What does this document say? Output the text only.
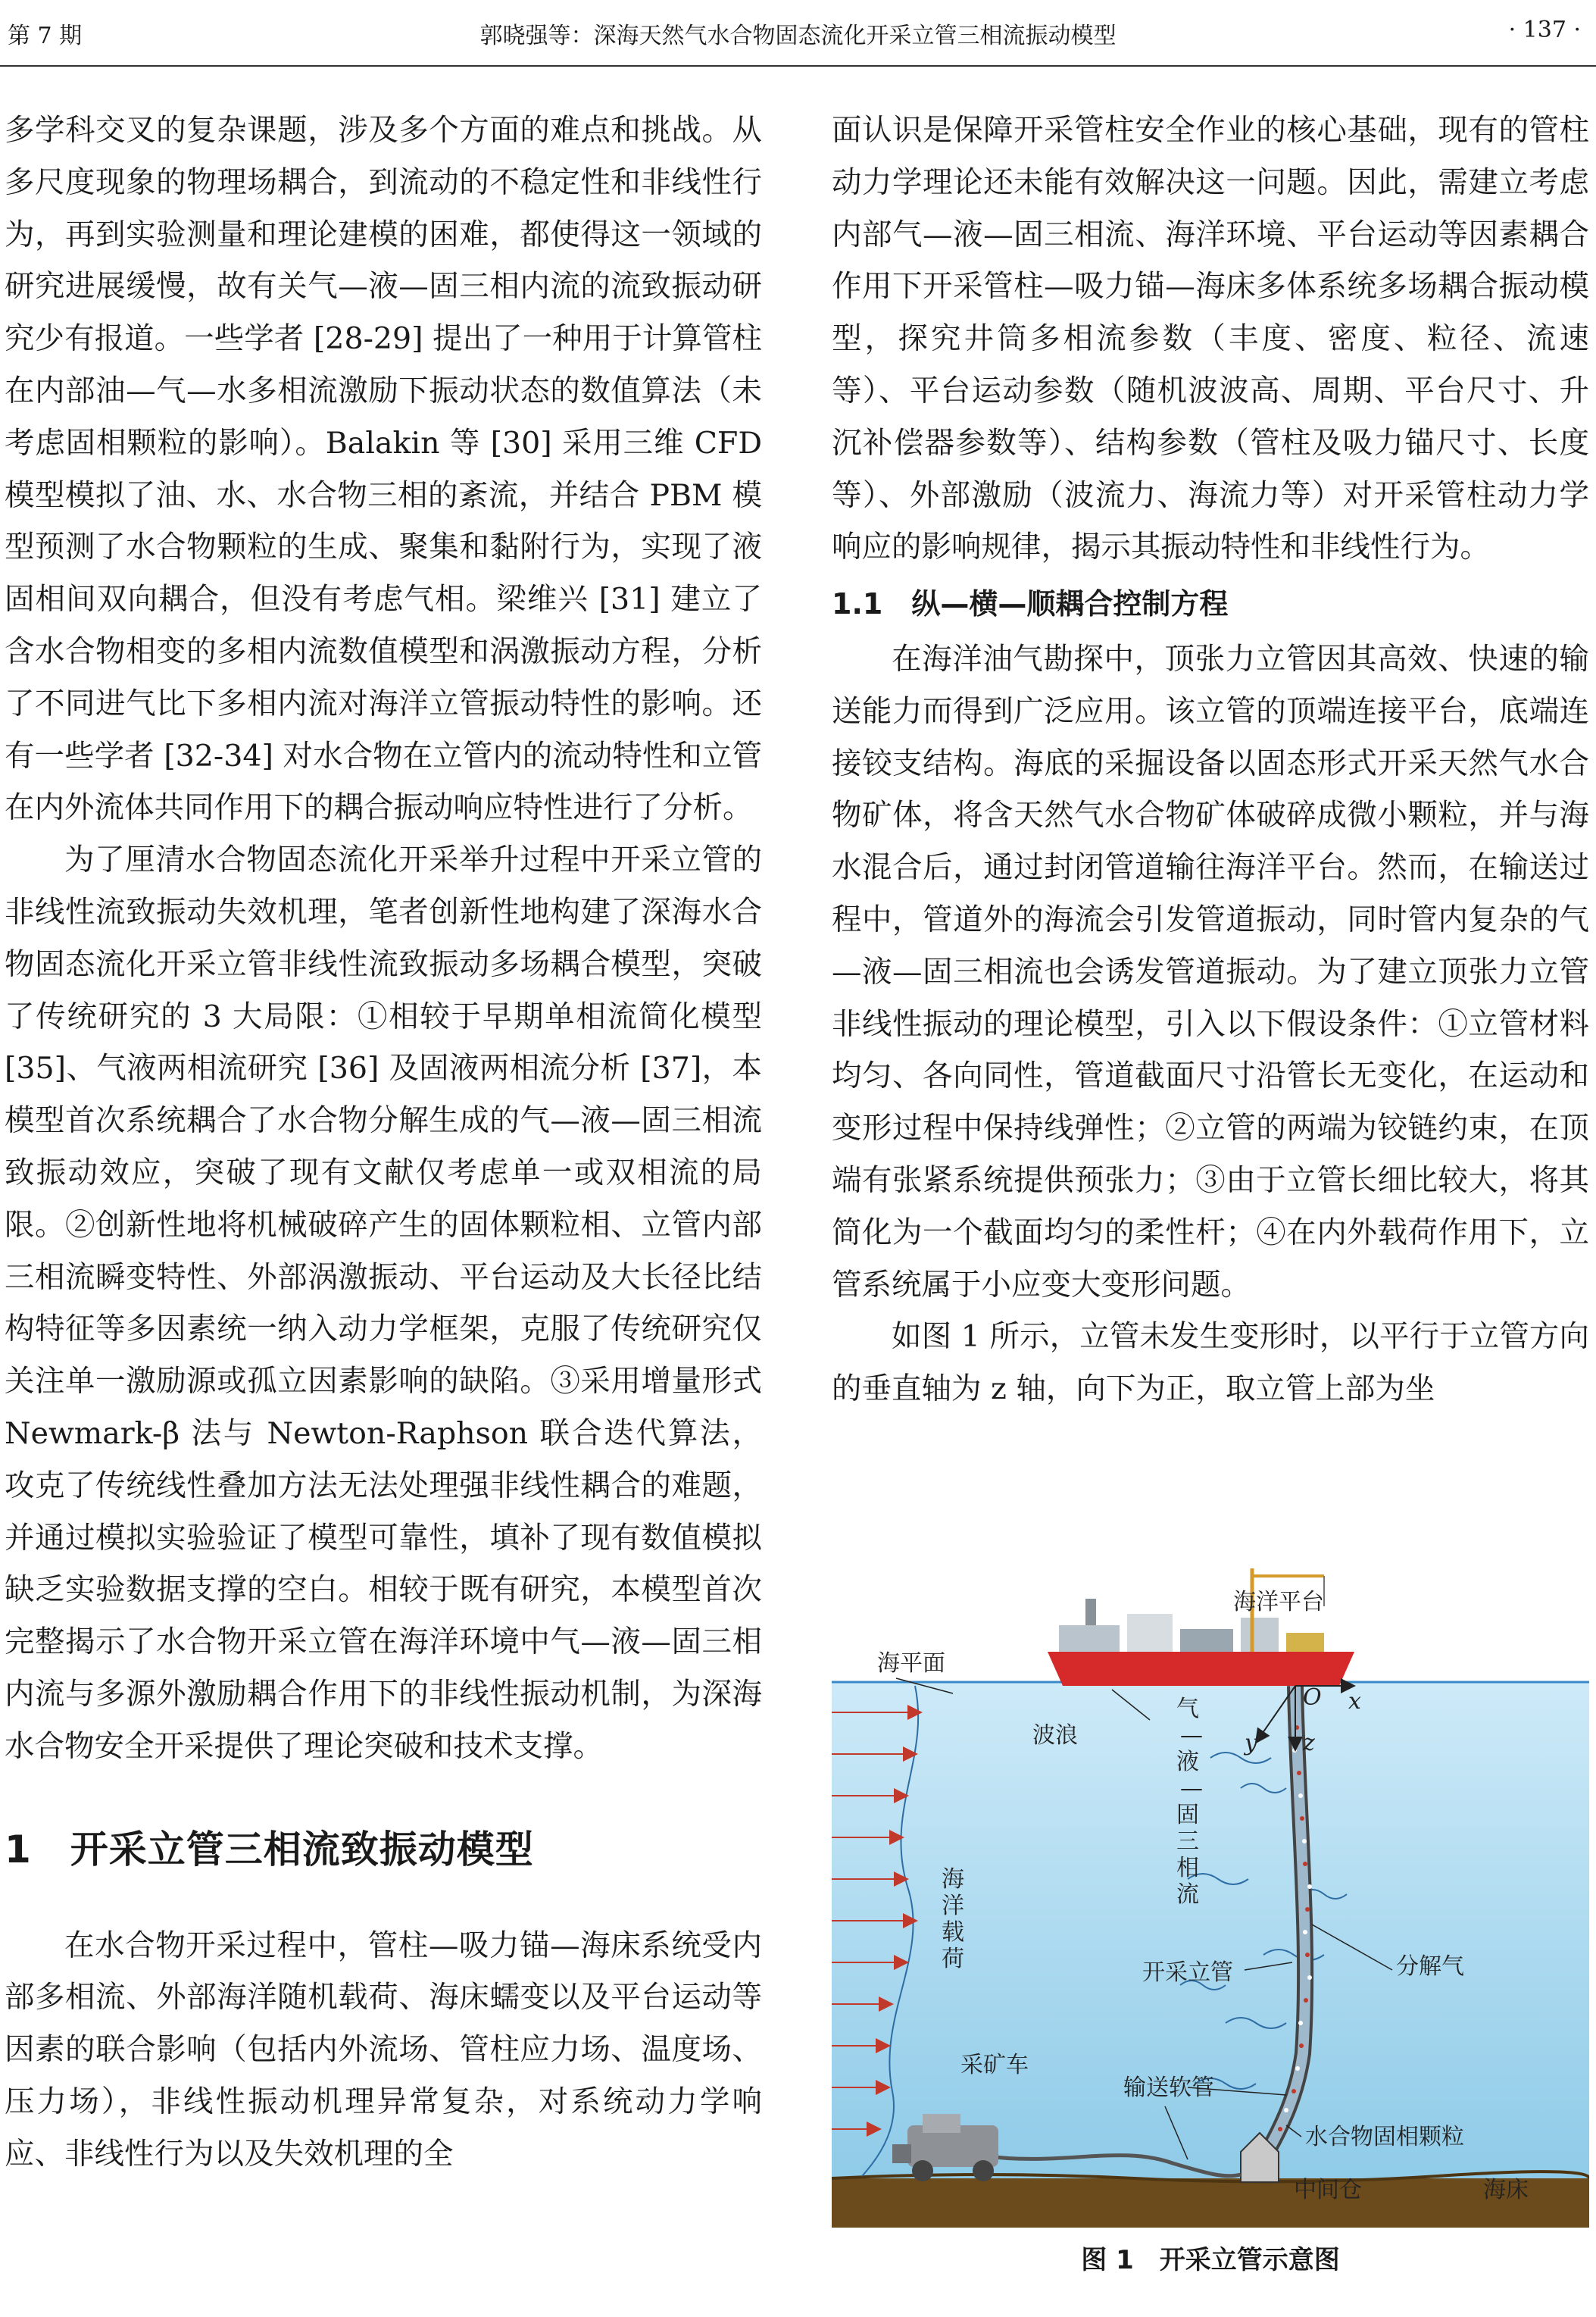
第 7 期	郭晓强等：深海天然气水合物固态流化开采立管三相流振动模型	· 137 ·

多学科交叉的复杂课题，涉及多个方面的难点和挑战。从多尺度现象的物理场耦合，到流动的不稳定性和非线性行为，再到实验测量和理论建模的困难，都使得这一领域的研究进展缓慢，故有关气—液—固三相内流的流致振动研究少有报道。一些学者 [28-29] 提出了一种用于计算管柱在内部油—气—水多相流激励下振动状态的数值算法（未考虑固相颗粒的影响）。Balakin 等 [30] 采用三维 CFD 模型模拟了油、水、水合物三相的紊流，并结合 PBM 模型预测了水合物颗粒的生成、聚集和黏附行为，实现了液固相间双向耦合，但没有考虑气相。梁维兴 [31] 建立了含水合物相变的多相内流数值模型和涡激振动方程，分析了不同进气比下多相内流对海洋立管振动特性的影响。还有一些学者 [32-34] 对水合物在立管内的流动特性和立管在内外流体共同作用下的耦合振动响应特性进行了分析。

为了厘清水合物固态流化开采举升过程中开采立管的非线性流致振动失效机理，笔者创新性地构建了深海水合物固态流化开采立管非线性流致振动多场耦合模型，突破了传统研究的 3 大局限：①相较于早期单相流简化模型 [35]、气液两相流研究 [36] 及固液两相流分析 [37]，本模型首次系统耦合了水合物分解生成的气—液—固三相流致振动效应，突破了现有文献仅考虑单一或双相流的局限。②创新性地将机械破碎产生的固体颗粒相、立管内部三相流瞬变特性、外部涡激振动、平台运动及大长径比结构特征等多因素统一纳入动力学框架，克服了传统研究仅关注单一激励源或孤立因素影响的缺陷。③采用增量形式 Newmark-β 法与 Newton-Raphson 联合迭代算法，攻克了传统线性叠加方法无法处理强非线性耦合的难题，并通过模拟实验验证了模型可靠性，填补了现有数值模拟缺乏实验数据支撑的空白。相较于既有研究，本模型首次完整揭示了水合物开采立管在海洋环境中气—液—固三相内流与多源外激励耦合作用下的非线性振动机制，为深海水合物安全开采提供了理论突破和技术支撑。

1　开采立管三相流致振动模型

在水合物开采过程中，管柱—吸力锚—海床系统受内部多相流、外部海洋随机载荷、海床蠕变以及平台运动等因素的联合影响（包括内外流场、管柱应力场、温度场、压力场），非线性振动机理异常复杂，对系统动力学响应、非线性行为以及失效机理的全

面认识是保障开采管柱安全作业的核心基础，现有的管柱动力学理论还未能有效解决这一问题。因此，需建立考虑内部气—液—固三相流、海洋环境、平台运动等因素耦合作用下开采管柱—吸力锚—海床多体系统多场耦合振动模型，探究井筒多相流参数（丰度、密度、粒径、流速等）、平台运动参数（随机波波高、周期、平台尺寸、升沉补偿器参数等）、结构参数（管柱及吸力锚尺寸、长度等）、外部激励（波流力、海流力等）对开采管柱动力学响应的影响规律，揭示其振动特性和非线性行为。

1.1　纵—横—顺耦合控制方程

在海洋油气勘探中，顶张力立管因其高效、快速的输送能力而得到广泛应用。该立管的顶端连接平台，底端连接铰支结构。海底的采掘设备以固态形式开采天然气水合物矿体，将含天然气水合物矿体破碎成微小颗粒，并与海水混合后，通过封闭管道输往海洋平台。然而，在输送过程中，管道外的海流会引发管道振动，同时管内复杂的气—液—固三相流也会诱发管道振动。为了建立顶张力立管非线性振动的理论模型，引入以下假设条件：①立管材料均匀、各向同性，管道截面尺寸沿管长无变化，在运动和变形过程中保持线弹性；②立管的两端为铰链约束，在顶端有张紧系统提供预张力；③由于立管长细比较大，将其简化为一个截面均匀的柔性杆；④在内外载荷作用下，立管系统属于小应变大变形问题。

如图 1 所示，立管未发生变形时，以平行于立管方向的垂直轴为 z 轴，向下为正，取立管上部为坐

海洋平台
海平面
波浪
O x
y z
气
—
液
—
固
三
相
流
海
洋
载
荷
开采立管	分解气
采矿车
输送软管
水合物固相颗粒
中间仓	海床
图 1　开采立管示意图
